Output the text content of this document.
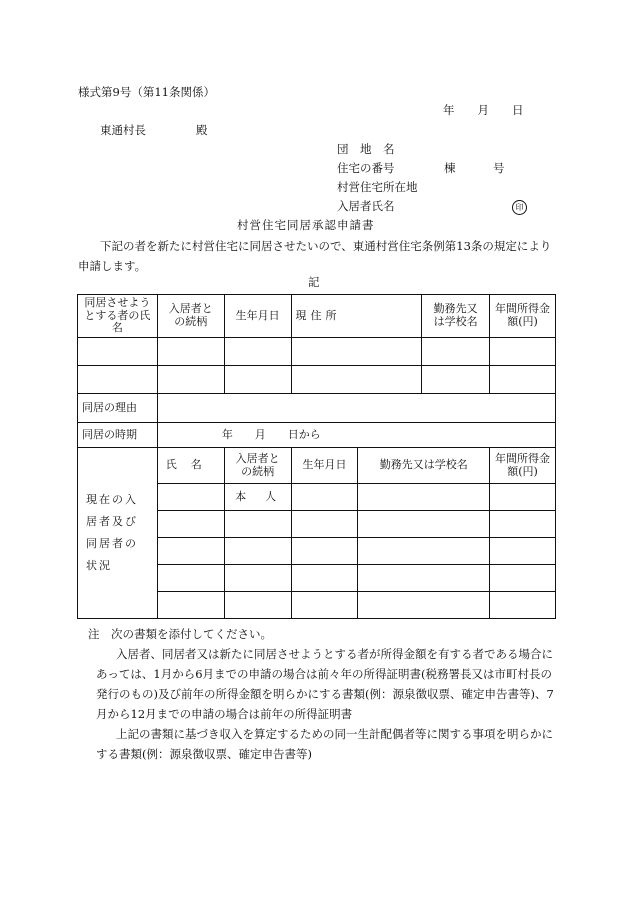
様式第9号（第11条関係）
年　　月　　日
東通村長	殿
団　地　名
住宅の番号	棟	号
村営住宅所在地
入居者氏名	印
村営住宅同居承認申請書

下記の者を新たに村営住宅に同居させたいので、東通村営住宅条例第13条の規定により申請します。

記
同居させようとする者の氏名	入居者との続柄	生年月日	現住所	勤務先又は学校名	年間所得金額(円)

同居の理由					
同居の時期	年　　月　　日から				
現在の入居者及び同居者の状況	氏名	入居者との続柄	生年月日	勤務先又は学校名	年間所得金額(円)
		本　人			

注　次の書類を添付してください。

入居者、同居者又は新たに同居させようとする者が所得金額を有する者である場合にあっては、1月から6月までの申請の場合は前々年の所得証明書(税務署長又は市町村長の発行のもの)及び前年の所得金額を明らかにする書類(例：源泉徴収票、確定申告書等)、7月から12月までの申請の場合は前年の所得証明書

上記の書類に基づき収入を算定するための同一生計配偶者等に関する事項を明らかにする書類(例：源泉徴収票、確定申告書等)
